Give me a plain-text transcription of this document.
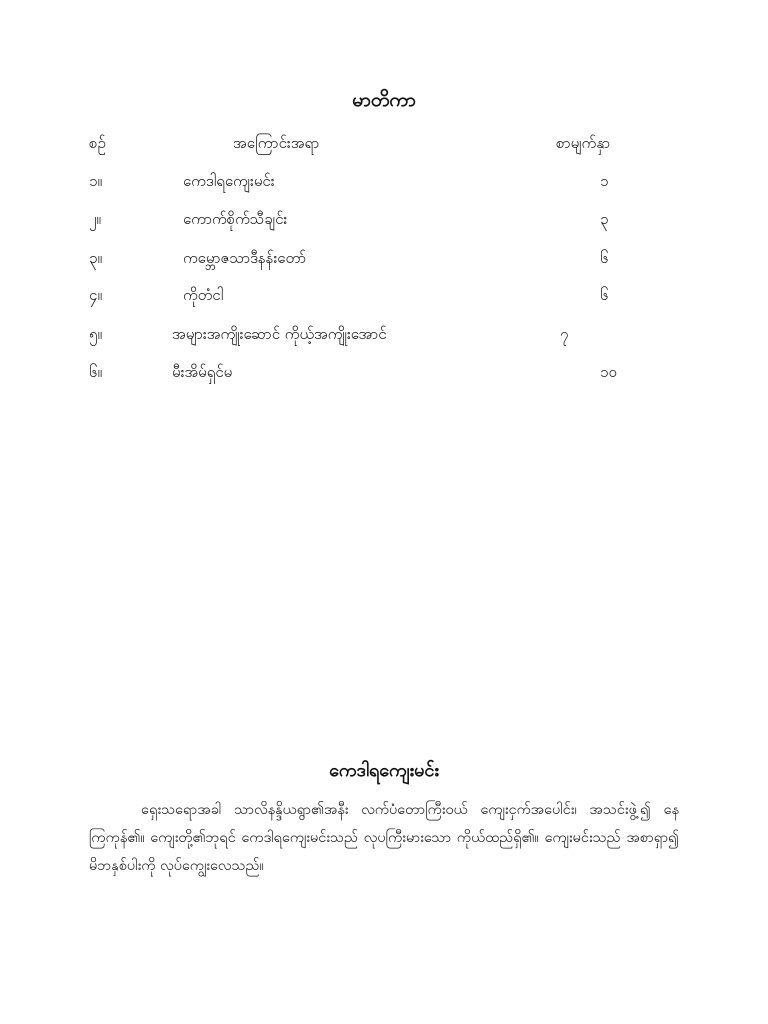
မာတိကာ
စဉ်	အကြောင်းအရာ	စာမျက်နှာ
၁။	ကေဒါရကျေးမင်း	၁
၂။	ကောက်စိုက်သီချင်း	၃
၃။	ကမ္ဘောဇသာဒီနန်းတော်	၆
၄။	ကိုတံငါ	၆
၅။	အများအကျိုးဆောင် ကိုယ့်အကျိုးအောင်	၇
၆။	မီးအိမ်ရှင်မ	၁၀
ကေဒါရကျေးမင်း
ရှေးသရောအခါ သာလိနန္ဒိယရွာ၏အနီး လက်ပံတောကြီးဝယ် ကျေးငှက်အပေါင်း၊ အသင်းဖွဲ့၍ နေကြကုန်၏။ ကျေးတို့၏ဘုရင် ကေဒါရကျေးမင်းသည် လုပကြီးမားသော ကိုယ်ထည်ရှိ၏။ ကျေးမင်းသည် အစာရှာ၍ မိဘနှစ်ပါးကို လုပ်ကျွေးလေသည်။
